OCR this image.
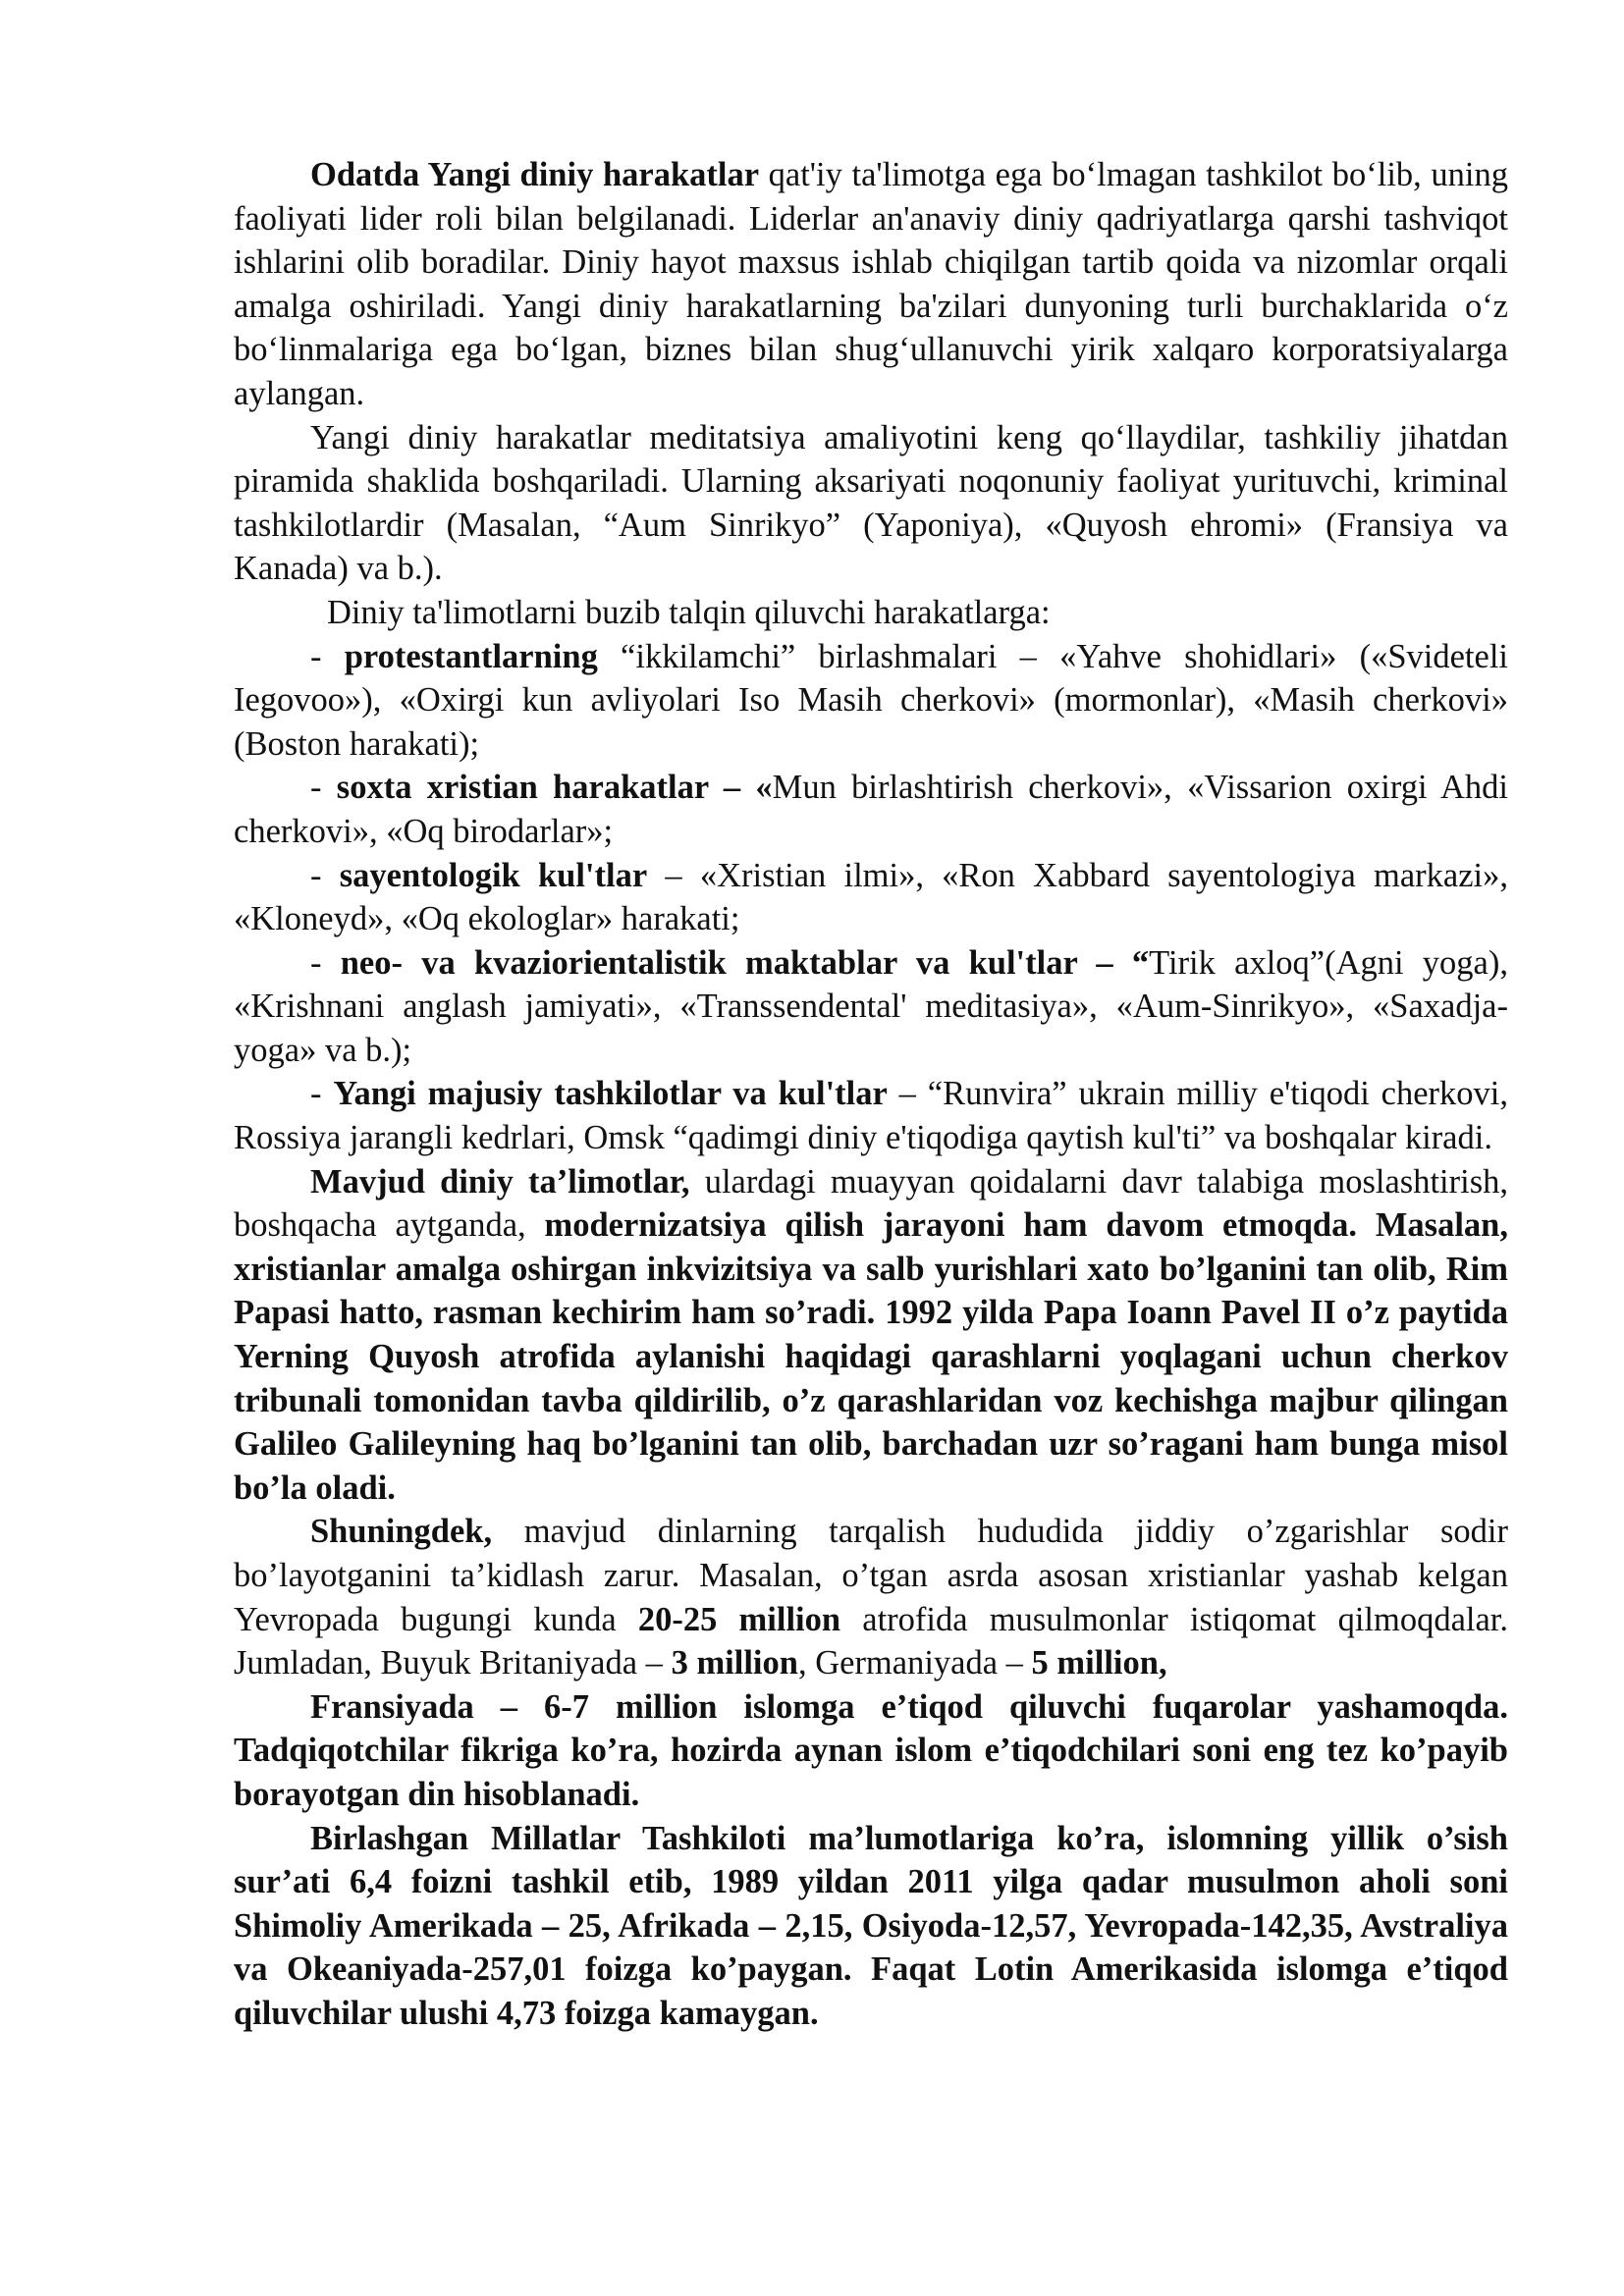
Odatda Yangi diniy harakatlar qat'iy ta'limotga ega bo‘lmagan tashkilot bo‘lib, uning faoliyati lider roli bilan belgilanadi. Liderlar an'anaviy diniy qadriyatlarga qarshi tashviqot ishlarini olib boradilar. Diniy hayot maxsus ishlab chiqilgan tartib qoida va nizomlar orqali amalga oshiriladi. Yangi diniy harakatlarning ba'zilari dunyoning turli burchaklarida o‘z bo‘linmalariga ega bo‘lgan, biznes bilan shug‘ullanuvchi yirik xalqaro korporatsiyalarga aylangan.

Yangi diniy harakatlar meditatsiya amaliyotini keng qo‘llaydilar, tashkiliy jihatdan piramida shaklida boshqariladi. Ularning aksariyati noqonuniy faoliyat yurituvchi, kriminal tashkilotlardir (Masalan, “Aum Sinrikyo” (Yaponiya), «Quyosh ehromi» (Fransiya va Kanada) va b.).

Diniy ta'limotlarni buzib talqin qiluvchi harakatlarga:

- protestantlarning “ikkilamchi” birlashmalari – «Yahve shohidlari» («Svideteli Iegovoo»), «Oxirgi kun avliyolari Iso Masih cherkovi» (mormonlar), «Masih cherkovi» (Boston harakati);

- soxta xristian harakatlar – «Mun birlashtirish cherkovi», «Vissarion oxirgi Ahdi cherkovi», «Oq birodarlar»;

- sayentologik kul'tlar – «Xristian ilmi», «Ron Xabbard sayentologiya markazi», «Kloneyd», «Oq ekologlar» harakati;

- neo- va kvaziorientalistik maktablar va kul'tlar – “Tirik axloq”(Agni yoga), «Krishnani anglash jamiyati», «Transsendental' meditasiya», «Aum-Sinrikyo», «Saxadja-yoga» va b.);

- Yangi majusiy tashkilotlar va kul'tlar – “Runvira” ukrain milliy e'tiqodi cherkovi, Rossiya jarangli kedrlari, Omsk “qadimgi diniy e'tiqodiga qaytish kul'ti” va boshqalar kiradi.

Mavjud diniy ta’limotlar, ulardagi muayyan qoidalarni davr talabiga moslashtirish, boshqacha aytganda, modernizatsiya qilish jarayoni ham davom etmoqda. Masalan, xristianlar amalga oshirgan inkvizitsiya va salb yurishlari xato bo’lganini tan olib, Rim Papasi hatto, rasman kechirim ham so’radi. 1992 yilda Papa Ioann Pavel II o’z paytida Yerning Quyosh atrofida aylanishi haqidagi qarashlarni yoqlagani uchun cherkov tribunali tomonidan tavba qildirilib, o’z qarashlaridan voz kechishga majbur qilingan Galileo Galileyning haq bo’lganini tan olib, barchadan uzr so’ragani ham bunga misol bo’la oladi.

Shuningdek, mavjud dinlarning tarqalish hududida jiddiy o’zgarishlar sodir bo’layotganini ta’kidlash zarur. Masalan, o’tgan asrda asosan xristianlar yashab kelgan Yevropada bugungi kunda 20-25 million atrofida musulmonlar istiqomat qilmoqdalar. Jumladan, Buyuk Britaniyada – 3 million, Germaniyada – 5 million,

Fransiyada – 6-7 million islomga e’tiqod qiluvchi fuqarolar yashamoqda. Tadqiqotchilar fikriga ko’ra, hozirda aynan islom e’tiqodchilari soni eng tez ko’payib borayotgan din hisoblanadi.

Birlashgan Millatlar Tashkiloti ma’lumotlariga ko’ra, islomning yillik o’sish sur’ati 6,4 foizni tashkil etib, 1989 yildan 2011 yilga qadar musulmon aholi soni Shimoliy Amerikada – 25, Afrikada – 2,15, Osiyoda-12,57, Yevropada-142,35, Avstraliya va Okeaniyada-257,01 foizga ko’paygan. Faqat Lotin Amerikasida islomga e’tiqod qiluvchilar ulushi 4,73 foizga kamaygan.
